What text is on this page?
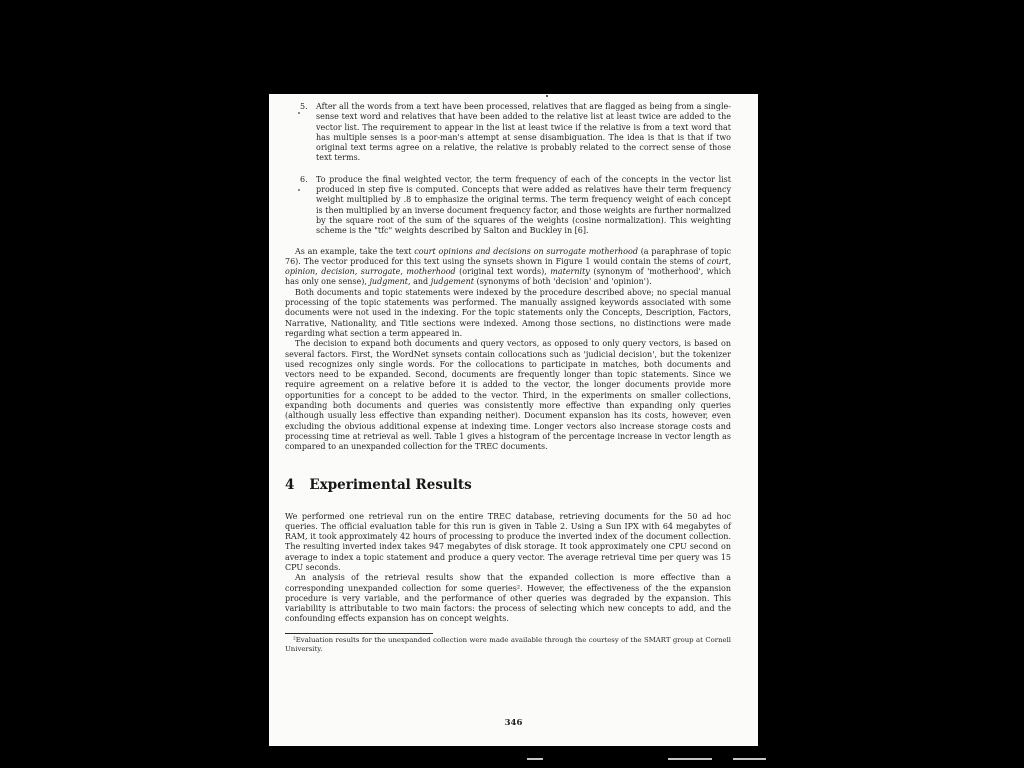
5.	After all the words from a text have been processed, relatives that are flagged as being from a single-sense text word and relatives that have been added to the relative list at least twice are added to the vector list. The requirement to appear in the list at least twice if the relative is from a text word that has multiple senses is a poor-man's attempt at sense disambiguation. The idea is that is that if two original text terms agree on a relative, the relative is probably related to the correct sense of those text terms.
6.	To produce the final weighted vector, the term frequency of each of the concepts in the vector list produced in step five is computed. Concepts that were added as relatives have their term frequency weight multiplied by .8 to emphasize the original terms. The term frequency weight of each concept is then multiplied by an inverse document frequency factor, and those weights are further normalized by the square root of the sum of the squares of the weights (cosine normalization). This weighting scheme is the "tfc" weights described by Salton and Buckley in [6].

As an example, take the text court opinions and decisions on surrogate motherhood (a paraphrase of topic 76). The vector produced for this text using the synsets shown in Figure 1 would contain the stems of court, opinion, decision, surrogate, motherhood (original text words), maternity (synonym of 'motherhood', which has only one sense), judgment, and judgement (synonyms of both 'decision' and 'opinion').

Both documents and topic statements were indexed by the procedure described above; no special manual processing of the topic statements was performed. The manually assigned keywords associated with some documents were not used in the indexing. For the topic statements only the Concepts, Description, Factors, Narrative, Nationality, and Title sections were indexed. Among those sections, no distinctions were made regarding what section a term appeared in.

The decision to expand both documents and query vectors, as opposed to only query vectors, is based on several factors. First, the WordNet synsets contain collocations such as 'judicial decision', but the tokenizer used recognizes only single words. For the collocations to participate in matches, both documents and vectors need to be expanded. Second, documents are frequently longer than topic statements. Since we require agreement on a relative before it is added to the vector, the longer documents provide more opportunities for a concept to be added to the vector. Third, in the experiments on smaller collections, expanding both documents and queries was consistently more effective than expanding only queries (although usually less effective than expanding neither). Document expansion has its costs, however, even excluding the obvious additional expense at indexing time. Longer vectors also increase storage costs and processing time at retrieval as well. Table 1 gives a histogram of the percentage increase in vector length as compared to an unexpanded collection for the TREC documents.

4 Experimental Results

We performed one retrieval run on the entire TREC database, retrieving documents for the 50 ad hoc queries. The official evaluation table for this run is given in Table 2. Using a Sun IPX with 64 megabytes of RAM, it took approximately 42 hours of processing to produce the inverted index of the document collection. The resulting inverted index takes 947 megabytes of disk storage. It took approximately one CPU second on average to index a topic statement and produce a query vector. The average retrieval time per query was 15 CPU seconds.

An analysis of the retrieval results show that the expanded collection is more effective than a corresponding unexpanded collection for some queries². However, the effectiveness of the the expansion procedure is very variable, and the performance of other queries was degraded by the expansion. This variability is attributable to two main factors: the process of selecting which new concepts to add, and the confounding effects expansion has on concept weights.

²Evaluation results for the unexpanded collection were made available through the courtesy of the SMART group at Cornell University.

346
